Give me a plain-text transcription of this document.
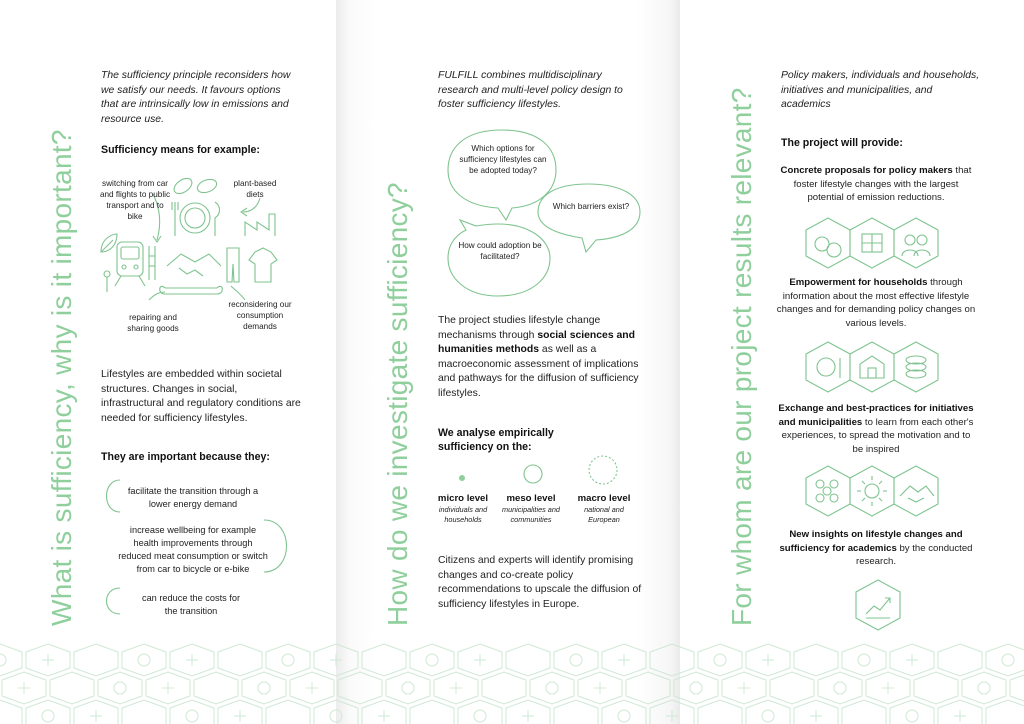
What is sufficiency, why is it important?
The sufficiency principle reconsiders how we satisfy our needs. It favours options that are intrinsically low in emissions and resource use.
Sufficiency means for example:
switching from car and flights to public transport and to bike
plant-based diets
repairing and sharing goods
reconsidering our consumption demands
Lifestyles are embedded within societal structures. Changes in social, infrastructural and regulatory conditions are needed for sufficiency lifestyles.
They are important because they:
facilitate the transition through a lower energy demand
increase wellbeing for example health improvements through reduced meat consumption or switch from car to bicycle or e-bike
can reduce the costs for the transition	How do we investigate sufficiency?
FULFILL combines multidisciplinary research and multi-level policy design to foster sufficiency lifestyles.
Which options for sufficiency lifestyles can be adopted today?
Which barriers exist?
How could adoption be facilitated?
The project studies lifestyle change mechanisms through social sciences and humanities methods as well as a macroeconomic assessment of implications and pathways for the diffusion of sufficiency lifestyles.
We analyse empirically sufficiency on the:
micro level
individuals and households
meso level
municipalities and communities
macro level
national and European
Citizens and experts will identify promising changes and co-create policy recommendations to upscale the diffusion of sufficiency lifestyles in Europe.	For whom are our project results relevant?
Policy makers, individuals and households, initiatives and municipalities, and academics
The project will provide:
Concrete proposals for policy makers that foster lifestyle changes with the largest potential of emission reductions.
Empowerment for households through information about the most effective lifestyle changes and for demanding policy changes on various levels.
Exchange and best-practices for initiatives and municipalities to learn from each other's experiences, to spread the motivation and to be inspired
New insights on lifestyle changes and sufficiency for academics by the conducted research.
